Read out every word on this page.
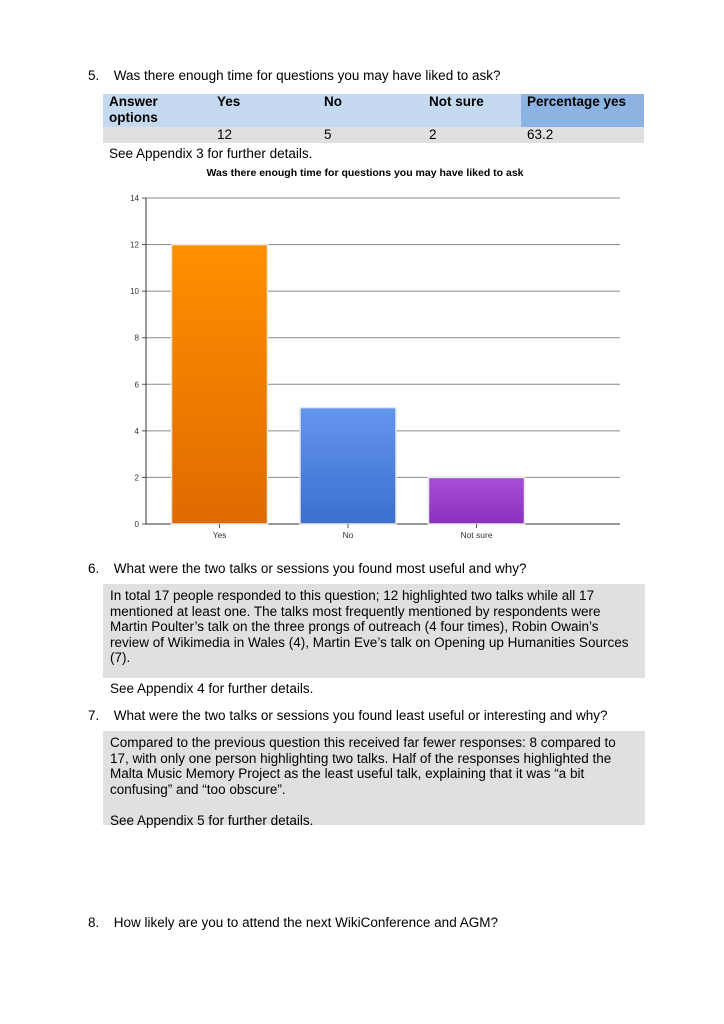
5. Was there enough time for questions you may have liked to ask?
Answer options	Yes	No	Not sure	Percentage yes
	12	5	2	63.2
See Appendix 3 for further details.
Was there enough time for questions you may have liked to ask
0
2
4
6
8
10
12
14
Yes	No	Not sure
6. What were the two talks or sessions you found most useful and why?

In total 17 people responded to this question; 12 highlighted two talks while all 17 mentioned at least one. The talks most frequently mentioned by respondents were Martin Poulter’s talk on the three prongs of outreach (4 four times), Robin Owain’s review of Wikimedia in Wales (4), Martin Eve’s talk on Opening up Humanities Sources (7).

See Appendix 4 for further details.

7. What were the two talks or sessions you found least useful or interesting and why?

Compared to the previous question this received far fewer responses: 8 compared to 17, with only one person highlighting two talks. Half of the responses highlighted the Malta Music Memory Project as the least useful talk, explaining that it was “a bit confusing” and “too obscure”.

See Appendix 5 for further details.

8. How likely are you to attend the next WikiConference and AGM?
